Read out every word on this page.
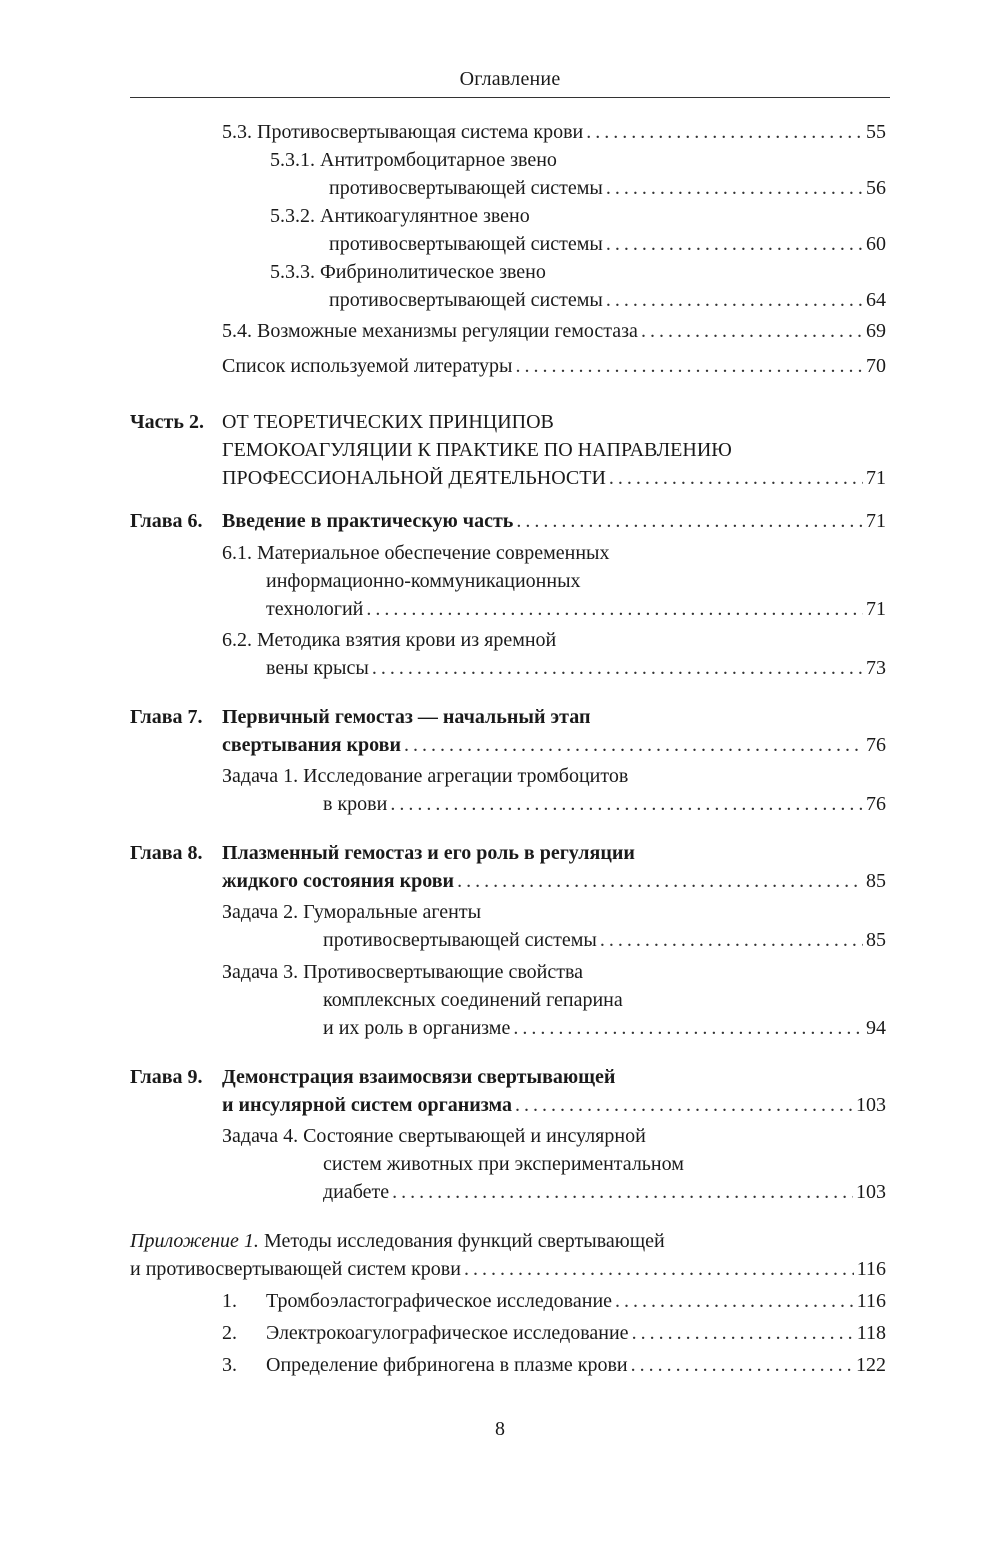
Оглавление
5.3. Противосвертывающая система крови . . .	55
5.3.1. Антитромбоцитарное звено
противосвертывающей системы . . .	56
5.3.2. Антикоагулянтное звено
противосвертывающей системы . . .	60
5.3.3. Фибринолитическое звено
противосвертывающей системы . . .	64
5.4. Возможные механизмы регуляции гемостаза . . .	69
Список используемой литературы . . .	70
Часть 2. ОТ ТЕОРЕТИЧЕСКИХ ПРИНЦИПОВ
ГЕМОКОАГУЛЯЦИИ К ПРАКТИКЕ ПО НАПРАВЛЕНИЮ
ПРОФЕССИОНАЛЬНОЙ ДЕЯТЕЛЬНОСТИ . . .	71
Глава 6. Введение в практическую часть . . .	71
6.1. Материальное обеспечение современных
информационно-коммуникационных
технологий . . .	71
6.2. Методика взятия крови из яремной
вены крысы . . .	73
Глава 7. Первичный гемостаз — начальный этап
свертывания крови . . .	76
Задача 1. Исследование агрегации тромбоцитов
в крови . . .	76
Глава 8. Плазменный гемостаз и его роль в регуляции
жидкого состояния крови . . .	85
Задача 2. Гуморальные агенты
противосвертывающей системы . . .	85
Задача 3. Противосвертывающие свойства
комплексных соединений гепарина
и их роль в организме . . .	94
Глава 9. Демонстрация взаимосвязи свертывающей
и инсулярной систем организма . . .	103
Задача 4. Состояние свертывающей и инсулярной
систем животных при экспериментальном
диабете . . .	103
Приложение 1. Методы исследования функций свертывающей
и противосвертывающей систем крови . . .	116
1. Тромбоэластографическое исследование . . .	116
2. Электрокоагулографическое исследование . . .	118
3. Определение фибриногена в плазме крови . . .	122
8
